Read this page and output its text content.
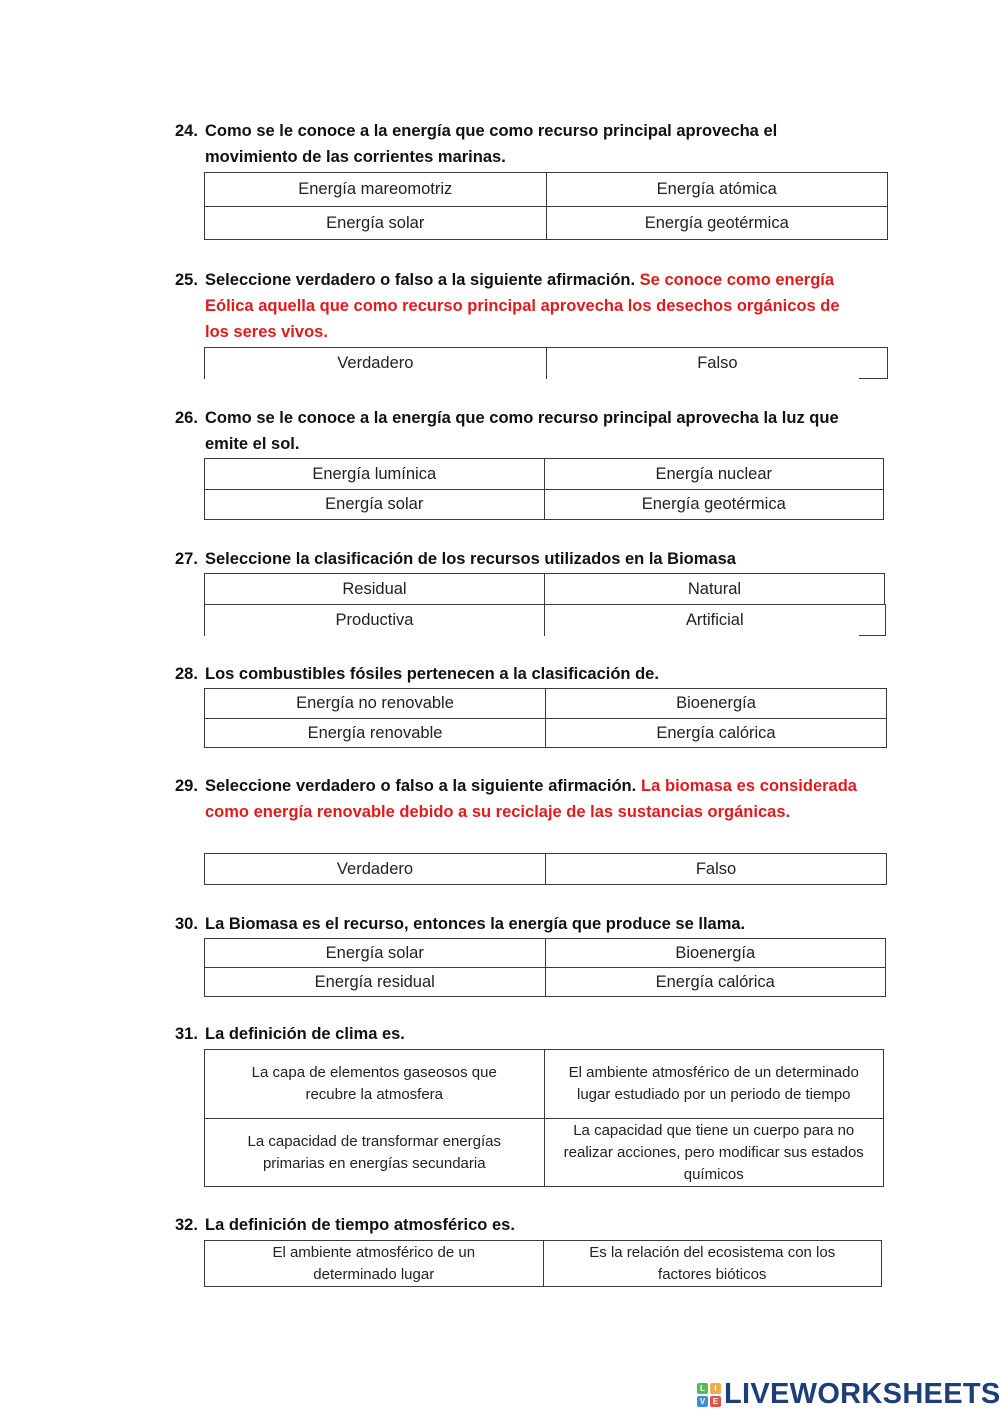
24. Como se le conoce a la energía que como recurso principal aprovecha el movimiento de las corrientes marinas.

Energía mareomotriz	Energía atómica
Energía solar	Energía geotérmica

25. Seleccione verdadero o falso a la siguiente afirmación. Se conoce como energía Eólica aquella que como recurso principal aprovecha los desechos orgánicos de los seres vivos.

Verdadero	Falso

26. Como se le conoce a la energía que como recurso principal aprovecha la luz que emite el sol.

Energía lumínica	Energía nuclear
Energía solar	Energía geotérmica

27. Seleccione la clasificación de los recursos utilizados en la Biomasa

Residual	Natural
Productiva	Artificial

28. Los combustibles fósiles pertenecen a la clasificación de.

Energía no renovable	Bioenergía
Energía renovable	Energía calórica

29. Seleccione verdadero o falso a la siguiente afirmación. La biomasa es considerada como energía renovable debido a su reciclaje de las sustancias orgánicas.

Verdadero	Falso

30. La Biomasa es el recurso, entonces la energía que produce se llama.

Energía solar	Bioenergía
Energía residual	Energía calórica

31. La definición de clima es.

La capa de elementos gaseosos que recubre la atmosfera	El ambiente atmosférico de un determinado lugar estudiado por un periodo de tiempo
La capacidad de transformar energías primarias en energías secundaria	La capacidad que tiene un cuerpo para no realizar acciones, pero modificar sus estados químicos

32. La definición de tiempo atmosférico es.

El ambiente atmosférico de un determinado lugar	Es la relación del ecosistema con los factores bióticos
L	I
V E LIVEWORKSHEETS
